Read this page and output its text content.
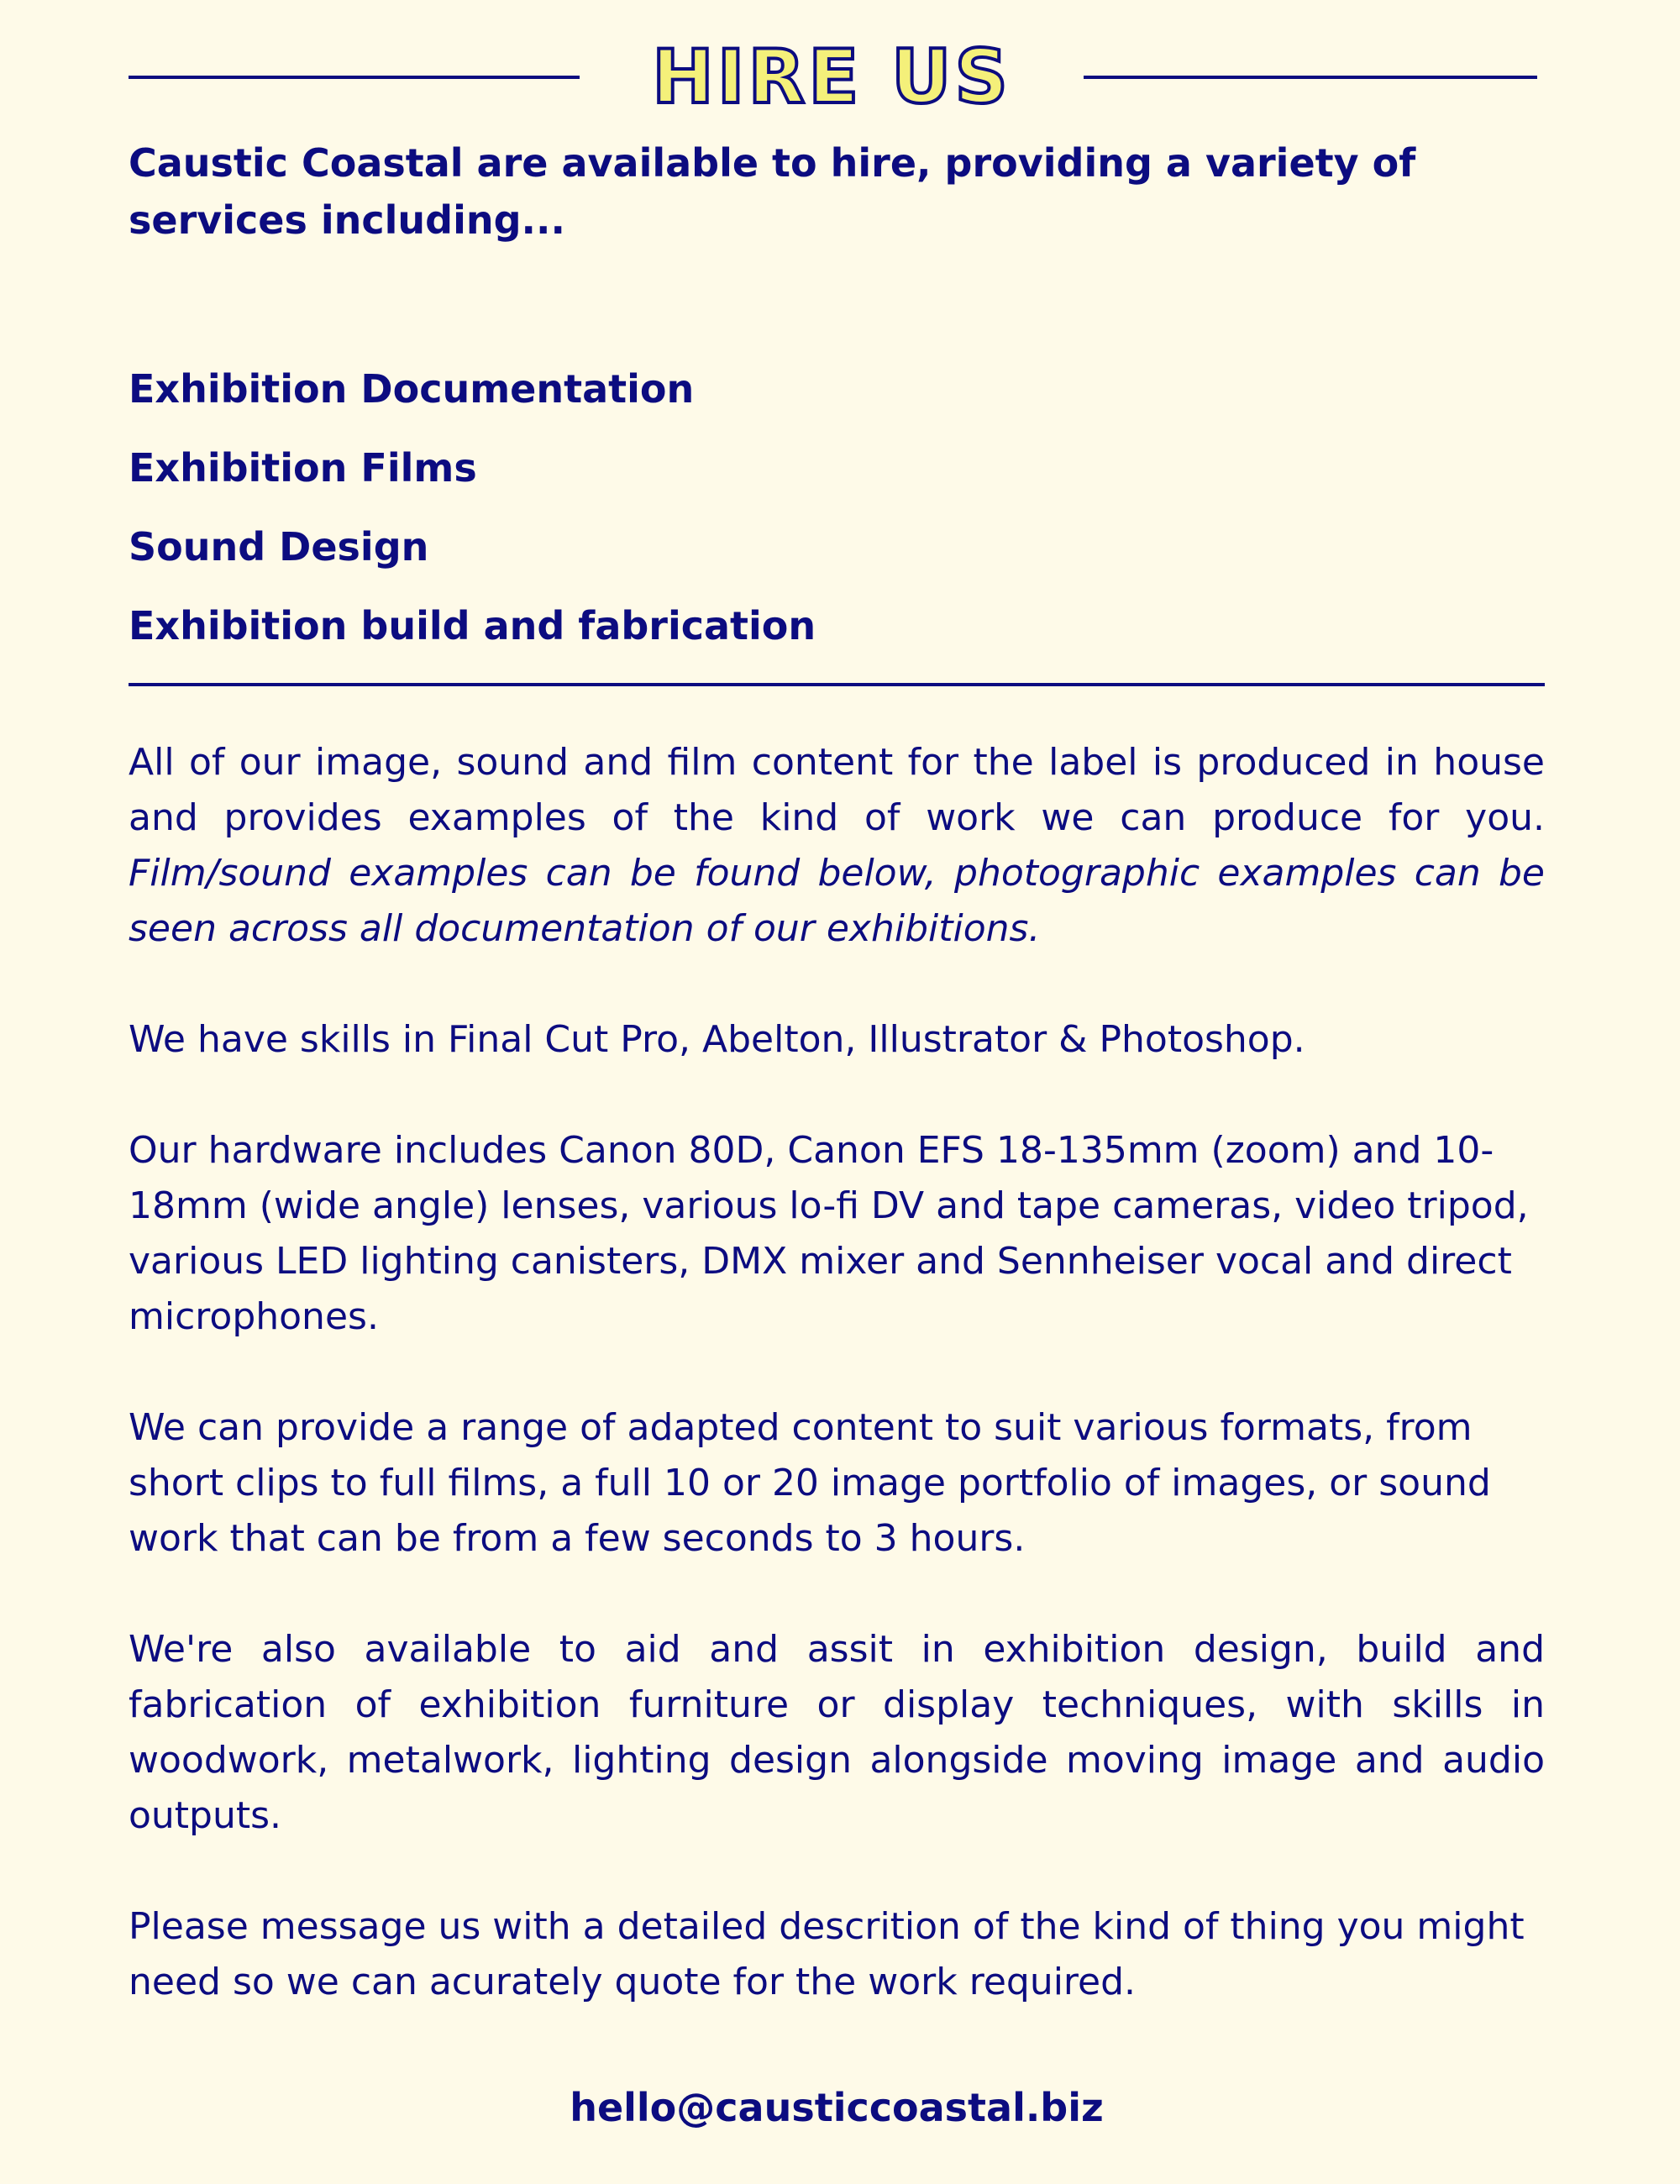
HIRE US

Caustic Coastal are available to hire, providing a variety of services including...

Exhibition Documentation
Exhibition Films
Sound Design
Exhibition build and fabrication

All of our image, sound and film content for the label is produced in house and provides examples of the kind of work we can produce for you. Film/sound examples can be found below, photographic examples can be seen across all documentation of our exhibitions.

We have skills in Final Cut Pro, Abelton, Illustrator & Photoshop.

Our hardware includes Canon 80D, Canon EFS 18-135mm (zoom) and 10-18mm (wide angle) lenses, various lo-fi DV and tape cameras, video tripod, various LED lighting canisters, DMX mixer and Sennheiser vocal and direct microphones.

We can provide a range of adapted content to suit various formats, from short clips to full films, a full 10 or 20 image portfolio of images, or sound work that can be from a few seconds to 3 hours.

We're also available to aid and assit in exhibition design, build and fabrication of exhibition furniture or display techniques, with skills in woodwork, metalwork, lighting design alongside moving image and audio outputs.

Please message us with a detailed descrition of the kind of thing you might need so we can acurately quote for the work required.

hello@causticcoastal.biz
